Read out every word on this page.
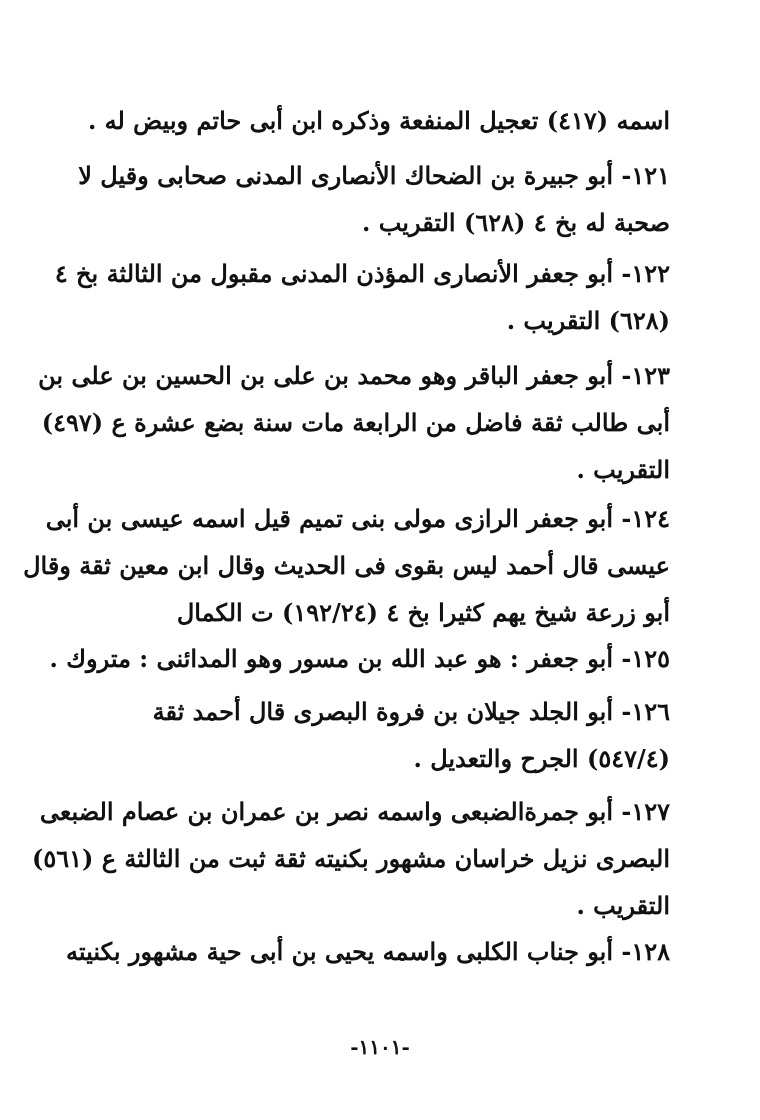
اسمه (٤١٧) تعجيل المنفعة وذكره ابن أبى حاتم وبيض له .
١٢١- أبو جبيرة بن الضحاك الأنصارى المدنى صحابى وقيل لا
صحبة له بخ ٤ (٦٢٨) التقريب .
١٢٢- أبو جعفر الأنصارى المؤذن المدنى مقبول من الثالثة بخ ٤
(٦٢٨) التقريب .
١٢٣- أبو جعفر الباقر وهو محمد بن على بن الحسين بن على بن
أبى طالب ثقة فاضل من الرابعة مات سنة بضع عشرة ع (٤٩٧)
التقريب .
١٢٤- أبو جعفر الرازى مولى بنى تميم قيل اسمه عيسى بن أبى
عيسى قال أحمد ليس بقوى فى الحديث وقال ابن معين ثقة وقال
أبو زرعة شيخ يهم كثيرا بخ ٤ (١٩٢/٢٤) ت الكمال
١٢٥- أبو جعفر : هو عبد الله بن مسور وهو المدائنى : متروك .
١٢٦- أبو الجلد جيلان بن فروة البصرى قال أحمد ثقة
(٥٤٧/٤) الجرح والتعديل .
١٢٧- أبو جمرةالضبعى واسمه نصر بن عمران بن عصام الضبعى
البصرى نزيل خراسان مشهور بكنيته ثقة ثبت من الثالثة ع (٥٦١)
التقريب .
١٢٨- أبو جناب الكلبى واسمه يحيى بن أبى حية مشهور بكنيته
-١١٠١-
